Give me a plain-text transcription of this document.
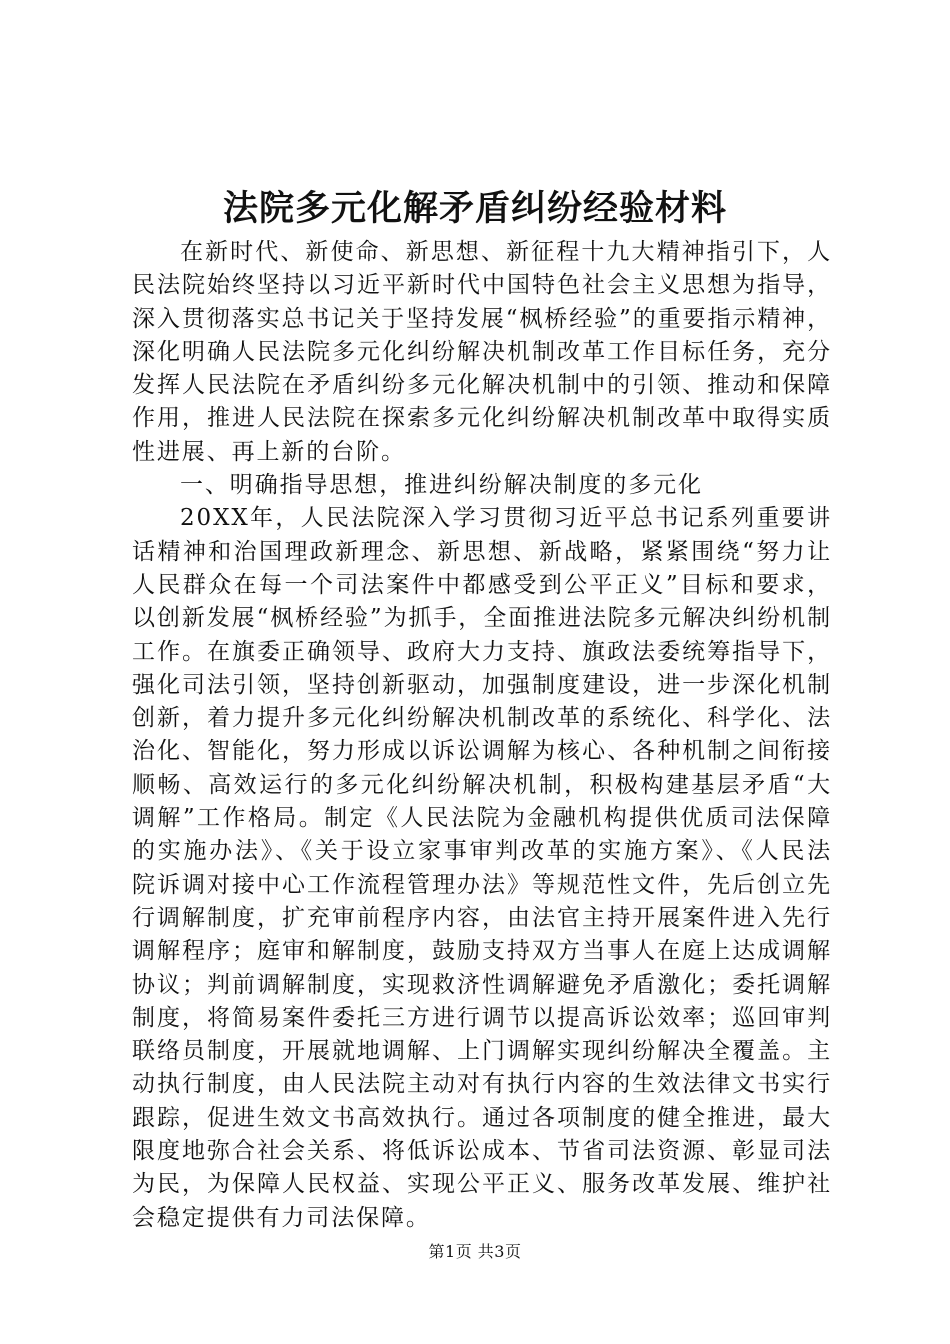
法院多元化解矛盾纠纷经验材料

在新时代、新使命、新思想、新征程十九大精神指引下，人民法院始终坚持以习近平新时代中国特色社会主义思想为指导，深入贯彻落实总书记关于坚持发展“枫桥经验”的重要指示精神，深化明确人民法院多元化纠纷解决机制改革工作目标任务，充分发挥人民法院在矛盾纠纷多元化解决机制中的引领、推动和保障作用，推进人民法院在探索多元化纠纷解决机制改革中取得实质性进展、再上新的台阶。

一、明确指导思想，推进纠纷解决制度的多元化

20XX年，人民法院深入学习贯彻习近平总书记系列重要讲话精神和治国理政新理念、新思想、新战略，紧紧围绕“努力让人民群众在每一个司法案件中都感受到公平正义”目标和要求，以创新发展“枫桥经验”为抓手，全面推进法院多元解决纠纷机制工作。在旗委正确领导、政府大力支持、旗政法委统筹指导下，强化司法引领，坚持创新驱动，加强制度建设，进一步深化机制创新，着力提升多元化纠纷解决机制改革的系统化、科学化、法治化、智能化，努力形成以诉讼调解为核心、各种机制之间衔接顺畅、高效运行的多元化纠纷解决机制，积极构建基层矛盾“大调解”工作格局。制定《人民法院为金融机构提供优质司法保障的实施办法》、《关于设立家事审判改革的实施方案》、《人民法院诉调对接中心工作流程管理办法》等规范性文件，先后创立先行调解制度，扩充审前程序内容，由法官主持开展案件进入先行调解程序；庭审和解制度，鼓励支持双方当事人在庭上达成调解协议；判前调解制度，实现救济性调解避免矛盾激化；委托调解制度，将简易案件委托三方进行调节以提高诉讼效率；巡回审判联络员制度，开展就地调解、上门调解实现纠纷解决全覆盖。主动执行制度，由人民法院主动对有执行内容的生效法律文书实行跟踪，促进生效文书高效执行。通过各项制度的健全推进，最大限度地弥合社会关系、将低诉讼成本、节省司法资源、彰显司法为民，为保障人民权益、实现公平正义、服务改革发展、维护社会稳定提供有力司法保障。

第1页 共3页
